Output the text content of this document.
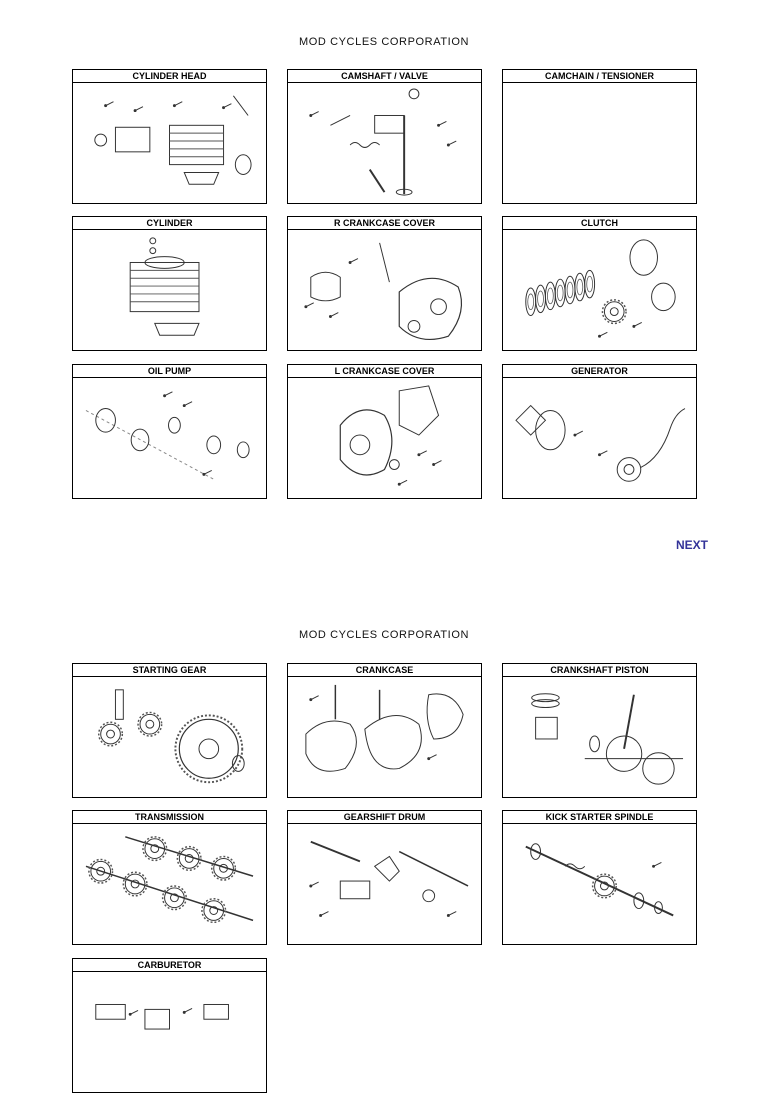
MOD CYCLES CORPORATION
CYLINDER HEAD	CAMSHAFT / VALVE	CAMCHAIN / TENSIONER
CYLINDER	R CRANKCASE COVER	CLUTCH
OIL PUMP	L CRANKCASE COVER	GENERATOR
NEXT
MOD CYCLES CORPORATION
STARTING GEAR	CRANKCASE	CRANKSHAFT PISTON
TRANSMISSION	GEARSHIFT DRUM	KICK STARTER SPINDLE
CARBURETOR
